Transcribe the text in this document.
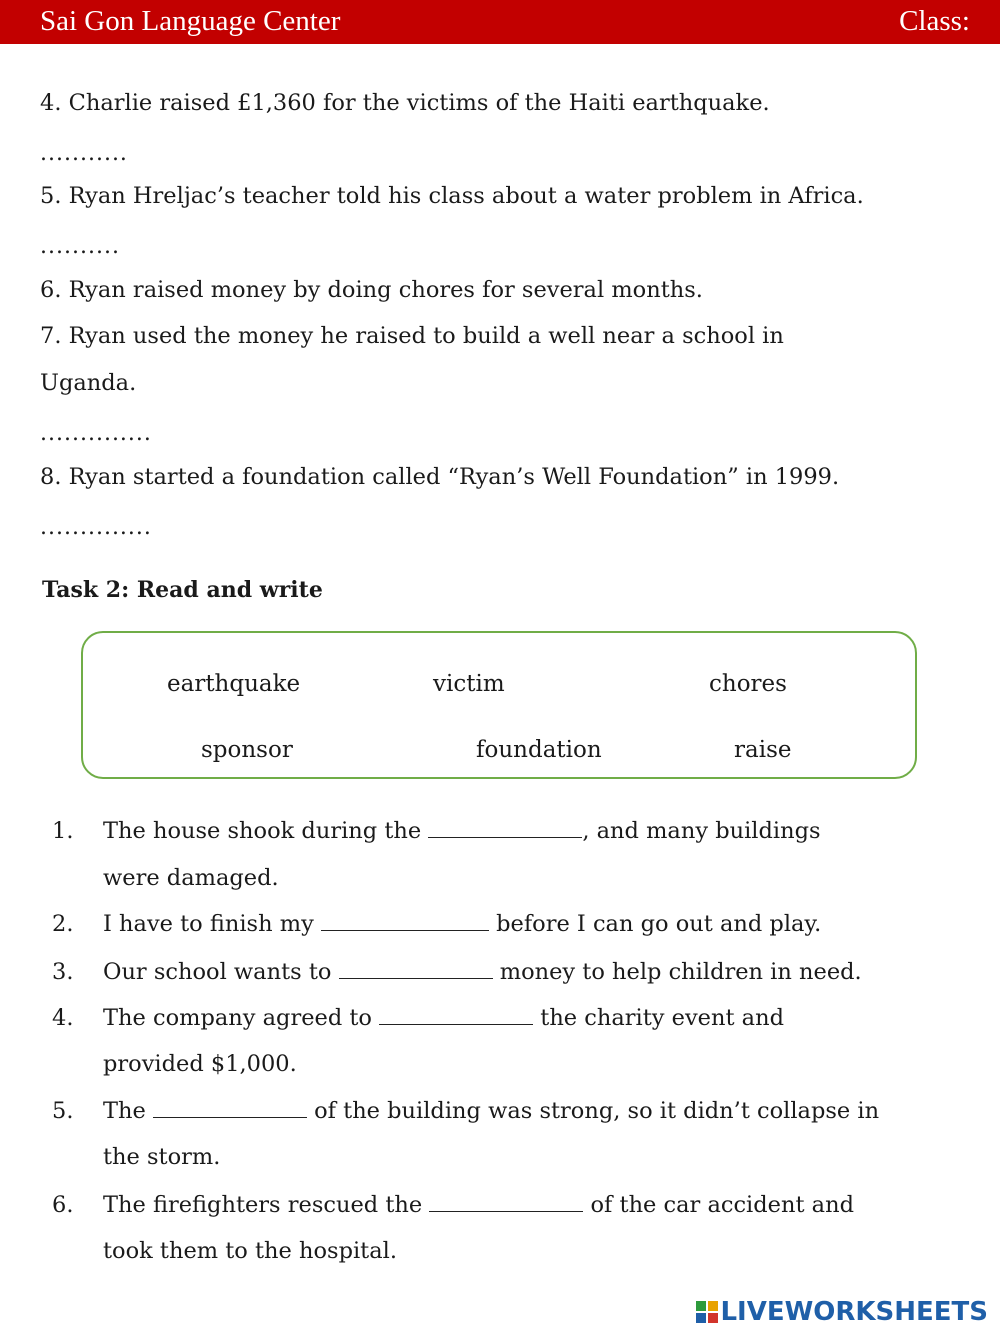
Sai Gon Language Center	Class:
4. Charlie raised £1,360 for the victims of the Haiti earthquake.
...........
5. Ryan Hreljac’s teacher told his class about a water problem in Africa.
..........
6. Ryan raised money by doing chores for several months.
7. Ryan used the money he raised to build a well near a school in
Uganda.
..............
8. Ryan started a foundation called “Ryan’s Well Foundation” in 1999.
..............
Task 2: Read and write
earthquake	victim	chores
sponsor	foundation	raise
1. The house shook during the	, and many buildings
were damaged.
2. I have to finish my	before I can go out and play.
3. Our school wants to	money to help children in need.
4. The company agreed to	the charity event and
provided $1,000.
5. The	of the building was strong, so it didn’t collapse in
the storm.
6. The firefighters rescued the	of the car accident and
took them to the hospital.
LIVEWORKSHEETS
